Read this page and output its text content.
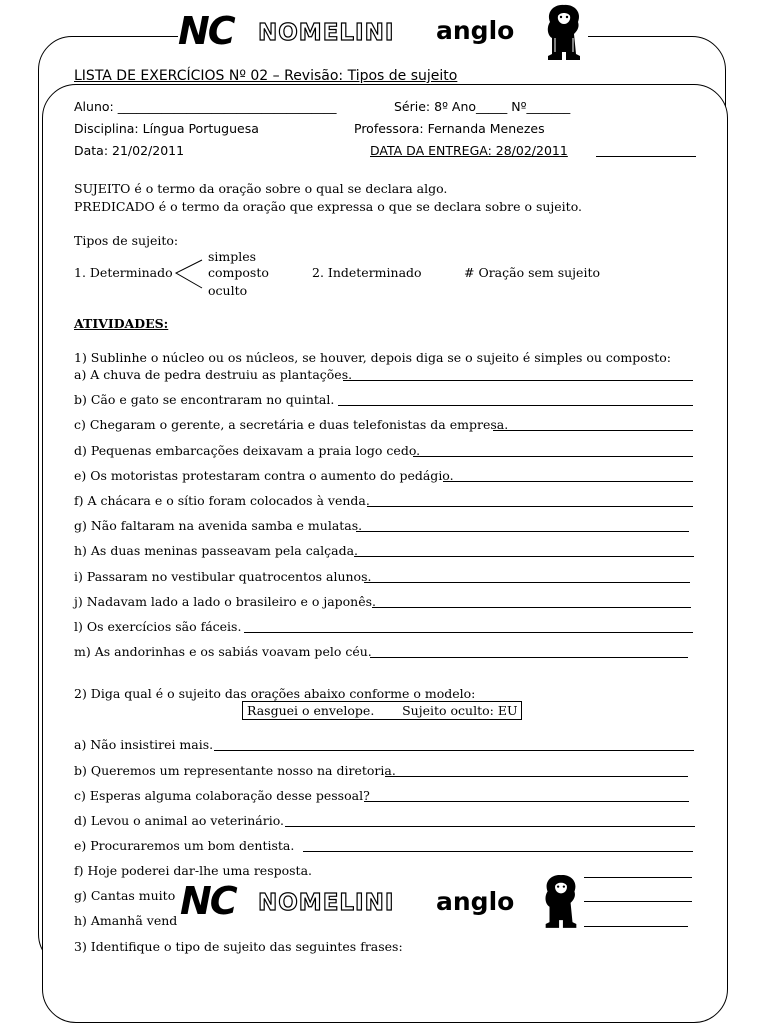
NC NOMELINI anglo
LISTA DE EXERCÍCIOS Nº 02 – Revisão: Tipos de sujeito
Aluno: ___________________________________	Série: 8º Ano_____ Nº_______
Disciplina: Língua Portuguesa	Professora: Fernanda Menezes
Data: 21/02/2011	DATA DA ENTREGA: 28/02/2011
SUJEITO é o termo da oração sobre o qual se declara algo.
PREDICADO é o termo da oração que expressa o que se declara sobre o sujeito.
Tipos de sujeito:
1. Determinado
simples
composto
oculto
2. Indeterminado	# Oração sem sujeito
ATIVIDADES:
1) Sublinhe o núcleo ou os núcleos, se houver, depois diga se o sujeito é simples ou composto:
a) A chuva de pedra destruiu as plantações.
b) Cão e gato se encontraram no quintal.
c) Chegaram o gerente, a secretária e duas telefonistas da empresa.
d) Pequenas embarcações deixavam a praia logo cedo.
e) Os motoristas protestaram contra o aumento do pedágio.
f) A chácara e o sítio foram colocados à venda.
g) Não faltaram na avenida samba e mulatas.
h) As duas meninas passeavam pela calçada.
i) Passaram no vestibular quatrocentos alunos.
j) Nadavam lado a lado o brasileiro e o japonês.
l) Os exercícios são fáceis.
m) As andorinhas e os sabiás voavam pelo céu.
2) Diga qual é o sujeito das orações abaixo conforme o modelo:
Rasguei o envelope.       Sujeito oculto: EU
a) Não insistirei mais.
b) Queremos um representante nosso na diretoria.
c) Esperas alguma colaboração desse pessoal?
d) Levou o animal ao veterinário.
e) Procuraremos um bom dentista.
f) Hoje poderei dar-lhe uma resposta.
g) Cantas muito
h) Amanhã vend NC NOMELINI anglo
3) Identifique o tipo de sujeito das seguintes frases:
